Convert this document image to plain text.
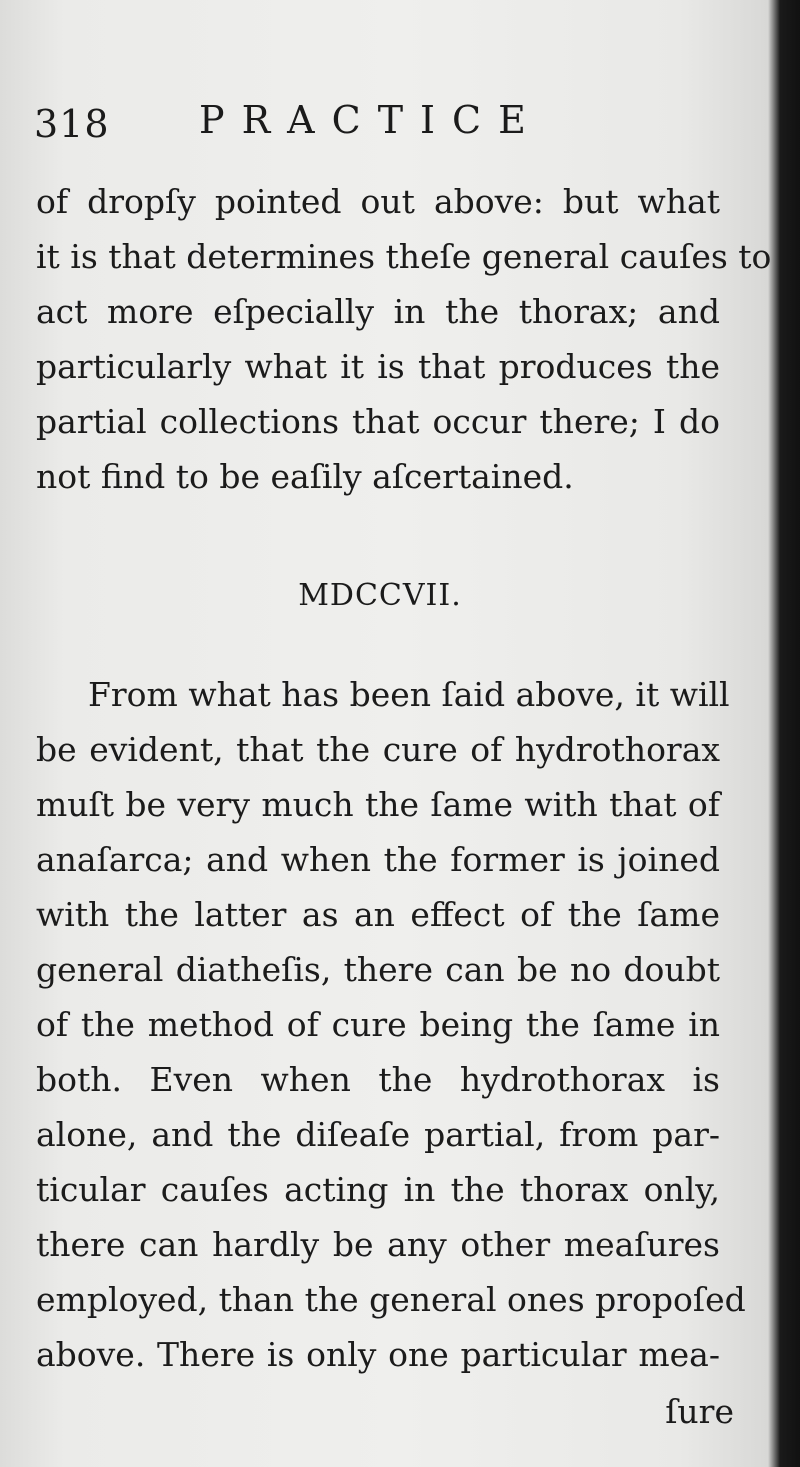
318 PRACTICE
of dropſy pointed out above: but what
it is that determines theſe general cauſes to
act more eſpecially in the thorax; and
particularly what it is that produces the
partial collections that occur there; I do
not find to be eaſily aſcertained.
MDCCVII.
From what has been ſaid above, it will
be evident, that the cure of hydrothorax
muſt be very much the ſame with that of
anaſarca; and when the former is joined
with the latter as an effect of the ſame
general diatheſis, there can be no doubt
of the method of cure being the ſame in
both. Even when the hydrothorax is
alone, and the diſeaſe partial, from par-
ticular cauſes acting in the thorax only,
there can hardly be any other meaſures
employed, than the general ones propoſed
above. There is only one particular mea-
ſure
